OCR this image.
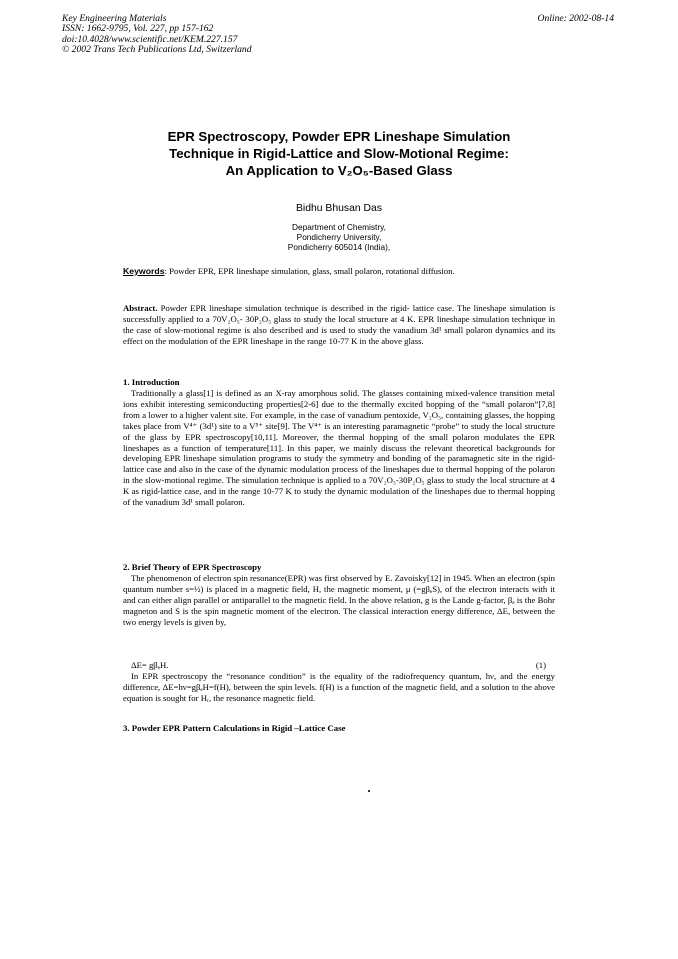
Key Engineering Materials
ISSN: 1662-9795, Vol. 227, pp 157-162
doi:10.4028/www.scientific.net/KEM.227.157
© 2002 Trans Tech Publications Ltd, Switzerland
Online: 2002-08-14
EPR Spectroscopy, Powder EPR Lineshape Simulation
Technique in Rigid-Lattice and Slow-Motional Regime:
An Application to V₂O₅-Based Glass
Bidhu Bhusan Das
Department of Chemistry,
Pondicherry University,
Pondicherry 605014 (India),
Keywords: Powder EPR, EPR lineshape simulation, glass, small polaron, rotational diffusion.
Abstract. Powder EPR lineshape simulation technique is described in the rigid- lattice case. The lineshape simulation is successfully applied to a 70V₂O₅- 30P₂O₅ glass to study the local structure at 4 K. EPR lineshape simulation technique in the case of slow-motional regime is also described and is used to study the vanadium 3d¹ small polaron dynamics and its effect on the modulation of the EPR lineshape in the range 10-77 K in the above glass.
1. Introduction

Traditionally a glass[1] is defined as an X-ray amorphous solid. The glasses containing mixed-valence transition metal ions exhibit interesting semiconducting properties[2-6] due to the thermally excited hopping of the “small polaron”[7,8] from a lower to a higher valent site. For example, in the case of vanadium pentoxide, V₂O₅, containing glasses, the hopping takes place from V⁴⁺ (3d¹) site to a V⁵⁺ site[9]. The V⁴⁺ is an interesting paramagnetic “probe” to study the local structure of the glass by EPR spectroscopy[10,11]. Moreover, the thermal hopping of the small polaron modulates the EPR lineshapes as a function of temperature[11]. In this paper, we mainly discuss the relevant theoretical backgrounds for developing EPR lineshape simulation programs to study the symmetry and bonding of the paramagnetic site in the rigid-lattice case and also in the case of the dynamic modulation process of the lineshapes due to thermal hopping of the polaron in the slow-motional regime. The simulation technique is applied to a 70V₂O₅-30P₂O₅ glass to study the local structure at 4 K as rigid-lattice case, and in the range 10-77 K to study the dynamic modulation of the lineshapes due to thermal hopping of the vanadium 3d¹ small polaron.

2. Brief Theory of EPR Spectroscopy

The phenomenon of electron spin resonance(EPR) was first observed by E. Zavoisky[12] in 1945. When an electron (spin quantum number s=½) is placed in a magnetic field, H, the magnetic moment, μ (=gβₑS), of the electron interacts with it and can either align parallel or antiparallel to the magnetic field. In the above relation, g is the Lande g-factor, βₑ is the Bohr magneton and S is the spin magnetic moment of the electron. The classical interaction energy difference, ΔE, between the two energy levels is given by,

ΔE= gβₑH.	(1)

In EPR spectroscopy the “resonance condition” is the equality of the radiofrequency quantum, hν, and the energy difference, ΔE=hν=gβₑH=f(H), between the spin levels. f(H) is a function of the magnetic field, and a solution to the above equation is sought for Hᵣ, the resonance magnetic field.

3. Powder EPR Pattern Calculations in Rigid –Lattice Case
